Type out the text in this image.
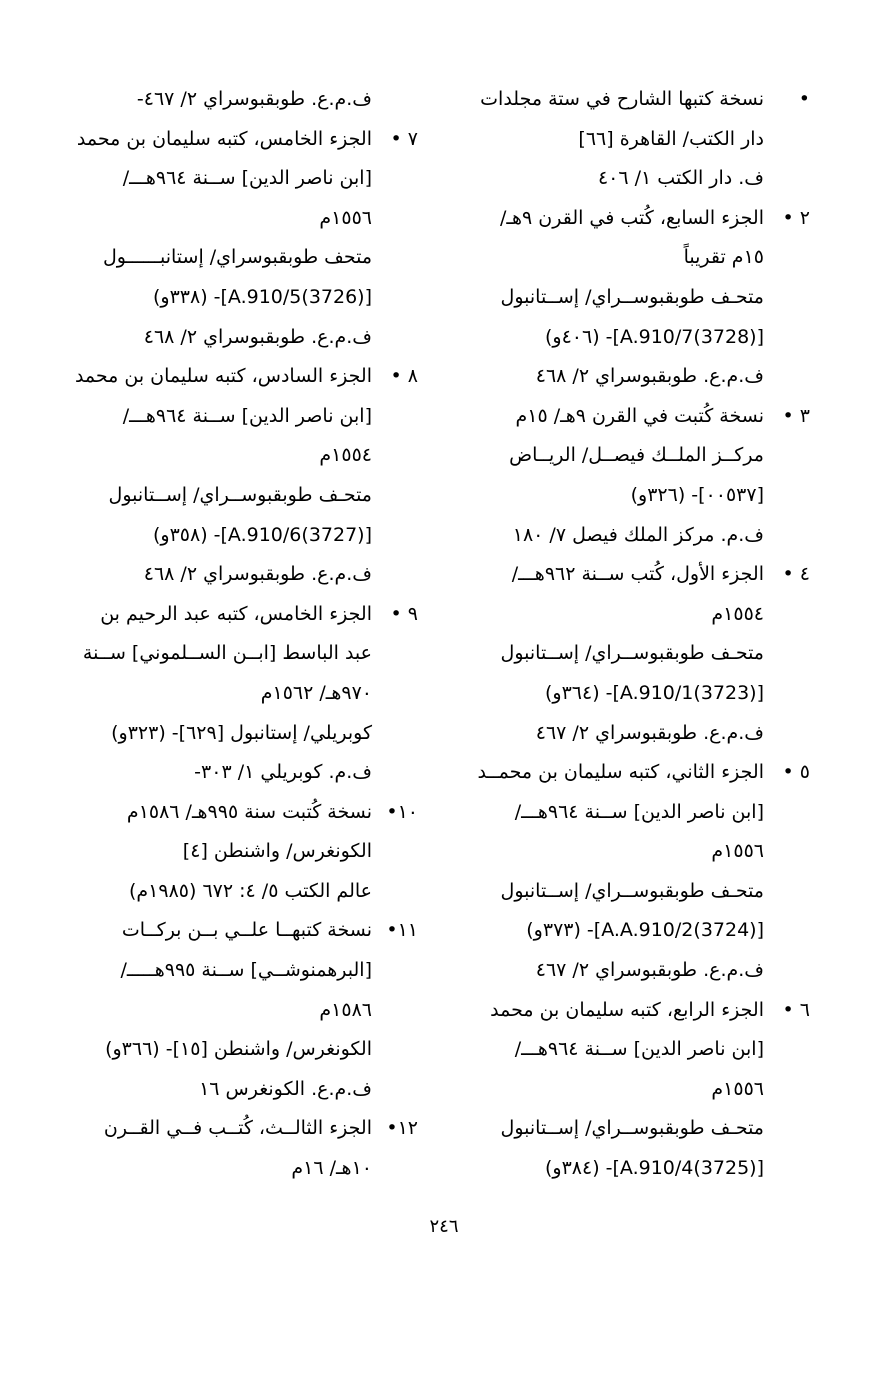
•
نسخة كتبها الشارح في ستة مجلدات
دار الكتب/ القاهرة [٦٦]
ف. دار الكتب ١/ ٤٠٦
٢ •
الجزء السابع، كُتب في القرن ٩هـ/
١٥م تقريباً
متحـف طوبقبوســراي/ إســتانبول
[(3728)A.910/7]- (٤٠٦و)
ف.م.ع. طوبقبوسراي ٢/ ٤٦٨
٣ •
نسخة كُتبت في القرن ٩هـ/ ١٥م
مركــز الملــك فيصــل/ الريــاض
[٠٠٥٣٧]- (٣٢٦و)
ف.م. مركز الملك فيصل ٧/ ١٨٠
٤ •
الجزء الأول، كُتب ســنة ٩٦٢هـــ/
١٥٥٤م
متحـف طوبقبوســراي/ إســتانبول
[(3723)A.910/1]- (٣٦٤و)
ف.م.ع. طوبقبوسراي ٢/ ٤٦٧
٥ •
الجزء الثاني، كتبه سليمان بن محمــد
[ابن ناصر الدين] ســنة ٩٦٤هـــ/
١٥٥٦م
متحـف طوبقبوســراي/ إســتانبول
[(3724)A.A.910/2]- (٣٧٣و)
ف.م.ع. طوبقبوسراي ٢/ ٤٦٧
٦ •
الجزء الرابع، كتبه سليمان بن محمد
[ابن ناصر الدين] ســنة ٩٦٤هـــ/
١٥٥٦م
متحـف طوبقبوســراي/ إســتانبول
[(3725)A.910/4]- (٣٨٤و)
ف.م.ع. طوبقبوسراي ٢/ ٤٦٧-
٧ •
الجزء الخامس، كتبه سليمان بن محمد
[ابن ناصر الدين] ســنة ٩٦٤هـــ/
١٥٥٦م
متحف طوبقبوسراي/ إستانبــــــول
[(3726)A.910/5]- (٣٣٨و)
ف.م.ع. طوبقبوسراي ٢/ ٤٦٨
٨ •
الجزء السادس، كتبه سليمان بن محمد
[ابن ناصر الدين] ســنة ٩٦٤هـــ/
١٥٥٤م
متحـف طوبقبوســراي/ إســتانبول
[(3727)A.910/6]- (٣٥٨و)
ف.م.ع. طوبقبوسراي ٢/ ٤٦٨
٩ •
الجزء الخامس، كتبه عبد الرحيم بن
عبد الباسط [ابــن الســلموني] ســنة
٩٧٠هـ/ ١٥٦٢م
كوبريلي/ إستانبول [٦٢٩]- (٣٢٣و)
ف.م. كوبريلي ١/ ٣٠٣-
١٠•
نسخة كُتبت سنة ٩٩٥هـ/ ١٥٨٦م
الكونغرس/ واشنطن [٤]
عالم الكتب ٥/ ٤: ٦٧٢ (١٩٨٥م)
١١•
نسخة كتبهــا علــي بــن بركــات
[البرهمنوشــي] ســنة ٩٩٥هـــــ/
١٥٨٦م
الكونغرس/ واشنطن [١٥]- (٣٦٦و)
ف.م.ع. الكونغرس ١٦
١٢•
الجزء الثالــث، كُتــب فــي القــرن
١٠هـ/ ١٦م
٢٤٦
